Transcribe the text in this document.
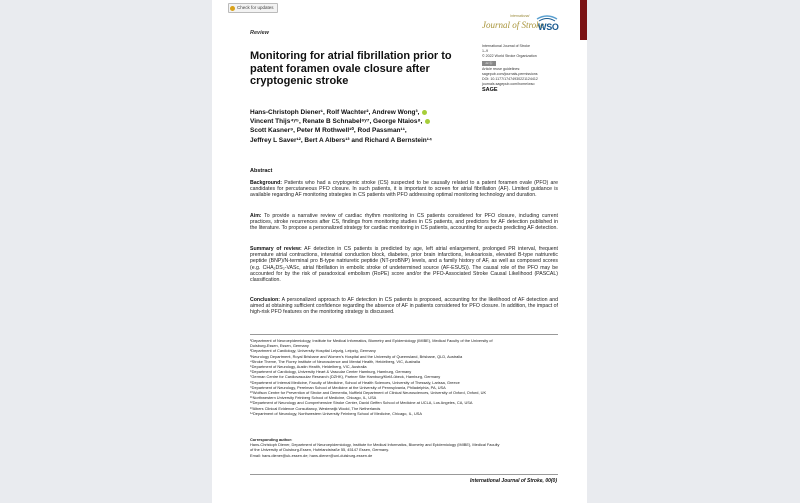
Check for updates
Review
International
Journal of Stroke
WSO
Monitoring for atrial fibrillation prior to patent foramen ovale closure after cryptogenic stroke
International Journal of Stroke
1–9
© 2022 World Stroke Organization
cc ⓑ
Article reuse guidelines:
sagepub.com/journals-permissions
DOI: 10.1177/17474930221124412
journals.sagepub.com/home/wso
SAGE
Hans-Christoph Diener¹, Rolf Wachter², Andrew Wong³,
Vincent Thijs⁴ʸ⁵, Renate B Schnabel⁶ʸ⁷, George Ntaios⁸,
Scott Kasner⁹, Peter M Rothwell¹⁰, Rod Passman¹¹,
Jeffrey L Saver¹², Bert A Albers¹³ and Richard A Bernstein¹⁴
Abstract
Background: Patients who had a cryptogenic stroke (CS) suspected to be causally related to a patent foramen ovale (PFO) are candidates for percutaneous PFO closure. In such patients, it is important to screen for atrial fibrillation (AF). Limited guidance is available regarding AF monitoring strategies in CS patients with PFO addressing optimal monitoring technology and duration.
Aim: To provide a narrative review of cardiac rhythm monitoring in CS patients considered for PFO closure, including current practices, stroke recurrences after CS, findings from monitoring studies in CS patients, and predictors for AF detection published in the literature. To propose a personalized strategy for cardiac monitoring in CS patients, accounting for aspects predicting AF detection.
Summary of review: AF detection in CS patients is predicted by age, left atrial enlargement, prolonged PR interval, frequent premature atrial contractions, interatrial conduction block, diabetes, prior brain infarctions, leukoariosis, elevated B-type natriuretic peptide (BNP)/N-terminal pro B-type natriuretic peptide (NT-proBNP) levels, and a family history of AF, as well as composed scores (e.g. CHA₂DS₂-VASc, atrial fibrillation in embolic stroke of undetermined source (AF-ESUS)). The causal role of the PFO may be accounted for by the risk of paradoxical embolism (RoPE) score and/or the PFO-Associated Stroke Causal Likelihood (PASCAL) classification.
Conclusion: A personalized approach to AF detection in CS patients is proposed, accounting for the likelihood of AF detection and aimed at obtaining sufficient confidence regarding the absence of AF in patients considered for PFO closure. In addition, the impact of high-risk PFO features on the monitoring strategy is discussed.
¹Department of Neuroepidemiology, Institute for Medical Informatics, Biometry and Epidemiology (IMIBE), Medical Faculty of the University of
Duisburg-Essen, Essen, Germany
²Department of Cardiology, University Hospital Leipzig, Leipzig, Germany
³Neurology Department, Royal Brisbane and Women’s Hospital and the University of Queensland, Brisbane, QLD, Australia
⁴Stroke Theme, The Florey Institute of Neuroscience and Mental Health, Heidelberg, VIC, Australia
⁵Department of Neurology, Austin Health, Heidelberg, VIC, Australia
⁶Department of Cardiology, University Heart & Vascular Center Hamburg, Hamburg, Germany
⁷German Centre for Cardiovascular Research (DZHK), Partner Site Hamburg/Kiel/Lübeck, Hamburg, Germany
⁸Department of Internal Medicine, Faculty of Medicine, School of Health Sciences, University of Thessaly, Larissa, Greece
⁹Department of Neurology, Perelman School of Medicine at the University of Pennsylvania, Philadelphia, PA, USA
¹⁰Wolfson Centre for Prevention of Stroke and Dementia, Nuffield Department of Clinical Neurosciences, University of Oxford, Oxford, UK
¹¹Northwestern University Feinberg School of Medicine, Chicago, IL, USA
¹²Department of Neurology and Comprehensive Stroke Center, David Geffen School of Medicine at UCLA, Los Angeles, CA, USA
¹³Albers Clinical Evidence Consultancy, Westerwijk Woold, The Netherlands
¹⁴Department of Neurology, Northwestern University Feinberg School of Medicine, Chicago, IL, USA
Corresponding author:
Hans-Christoph Diener, Department of Neuroepidemiology, Institute for Medical Informatics, Biometry and Epidemiology (IMIBE), Medical Faculty
of the University of Duisburg-Essen, Hufelandstraße 55, 45147 Essen, Germany.
Email: hans.diener@uk-essen.de; hans.diener@uni-duisburg-essen.de
International Journal of Stroke, 00(0)
